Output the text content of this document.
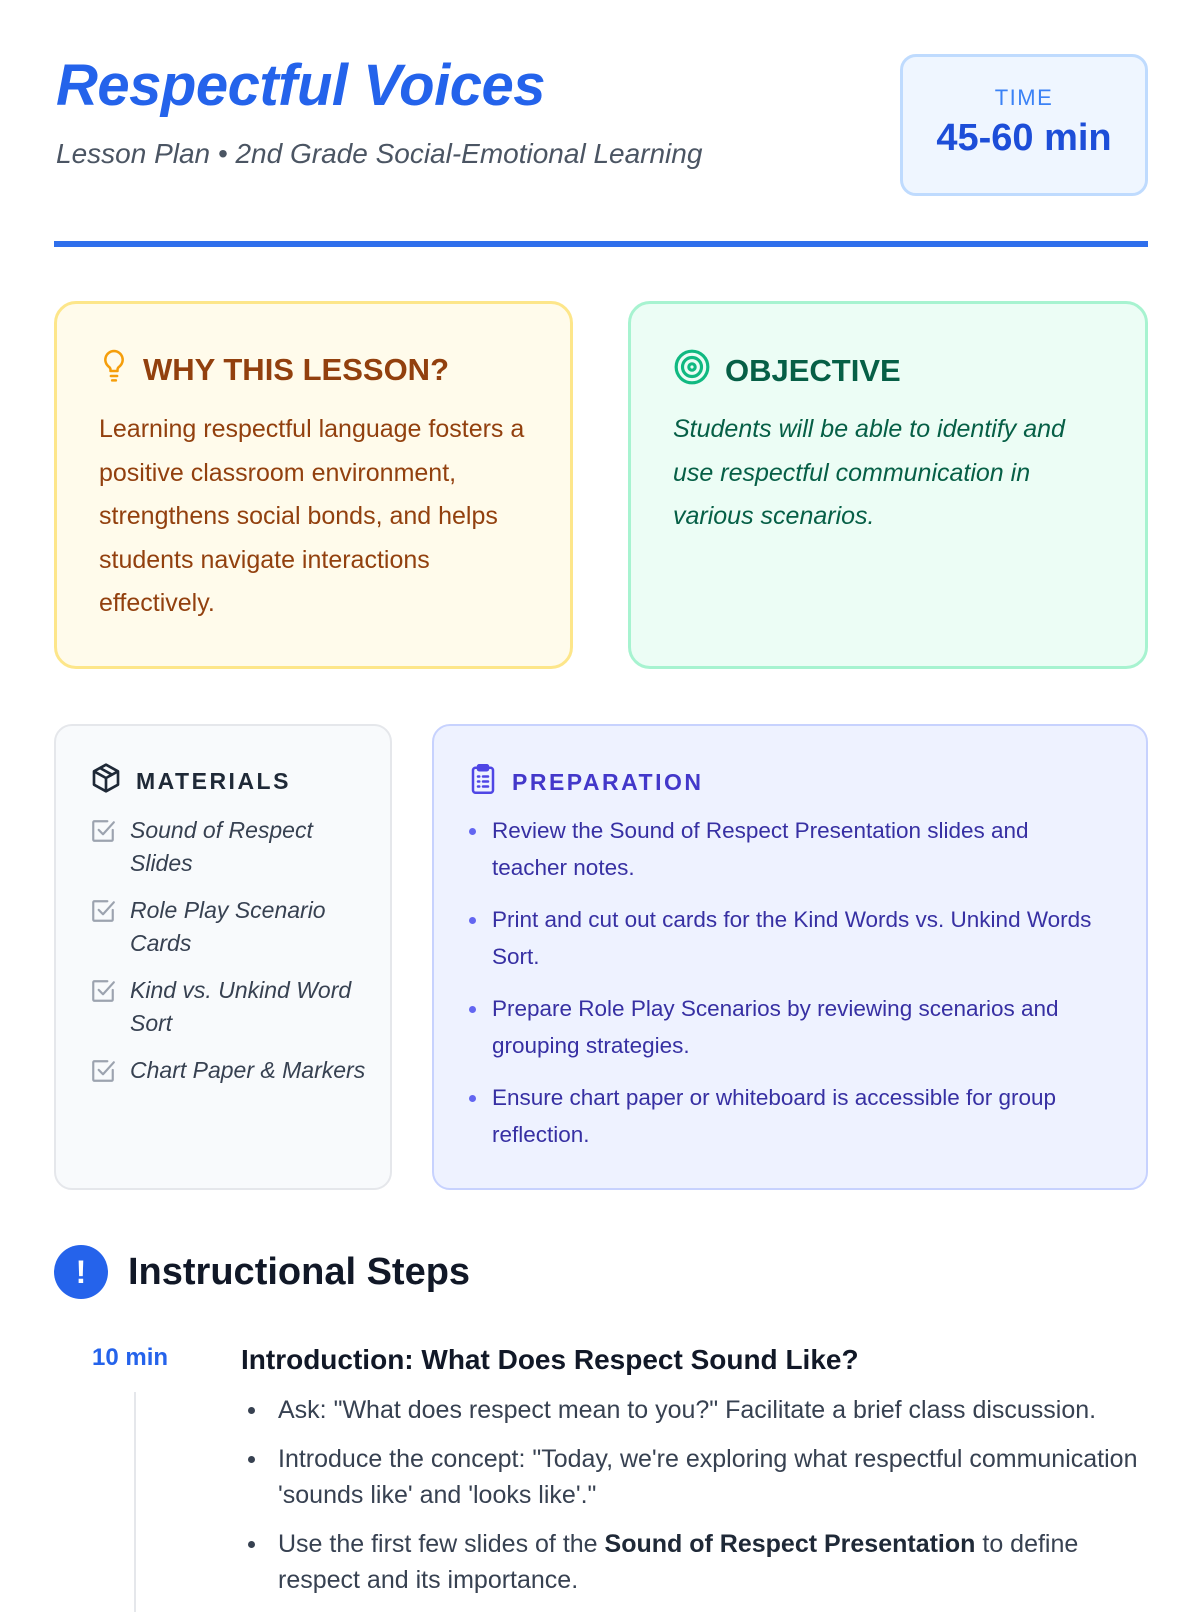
Respectful Voices
Lesson Plan • 2nd Grade Social-Emotional Learning
TIME
45-60 min
WHY THIS LESSON?
Learning respectful language fosters a positive classroom environment, strengthens social bonds, and helps students navigate interactions effectively.
OBJECTIVE
Students will be able to identify and use respectful communication in various scenarios.
MATERIALS
Sound of Respect Slides
Role Play Scenario Cards
Kind vs. Unkind Word Sort
Chart Paper & Markers
PREPARATION
Review the Sound of Respect Presentation slides and teacher notes.
Print and cut out cards for the Kind Words vs. Unkind Words Sort.
Prepare Role Play Scenarios by reviewing scenarios and grouping strategies.
Ensure chart paper or whiteboard is accessible for group reflection.
!	Instructional Steps
10 min	Introduction: What Does Respect Sound Like?
Ask: "What does respect mean to you?" Facilitate a brief class discussion.
Introduce the concept: "Today, we're exploring what respectful communication 'sounds like' and 'looks like'."
Use the first few slides of the Sound of Respect Presentation to define respect and its importance.
